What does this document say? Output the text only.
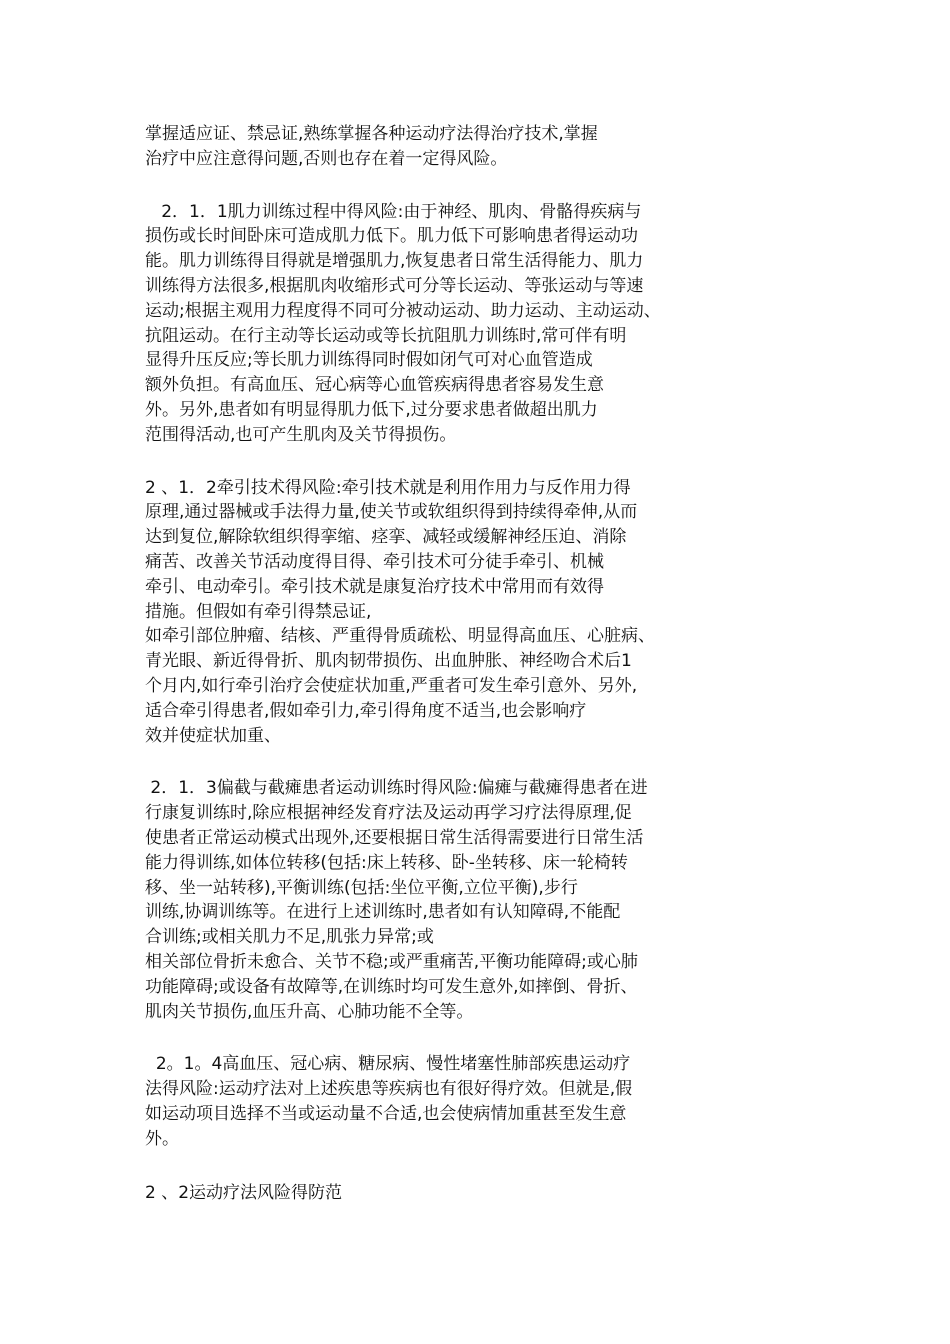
掌握适应证、禁忌证,熟练掌握各种运动疗法得治疗技术,掌握
治疗中应注意得问题,否则也存在着一定得风险。

2．1．1肌力训练过程中得风险:由于神经、肌肉、骨骼得疾病与
损伤或长时间卧床可造成肌力低下。肌力低下可影响患者得运动功
能。肌力训练得目得就是增强肌力,恢复患者日常生活得能力、肌力
训练得方法很多,根据肌肉收缩形式可分等长运动、等张运动与等速
运动;根据主观用力程度得不同可分被动运动、助力运动、主动运动、
抗阻运动。在行主动等长运动或等长抗阻肌力训练时,常可伴有明
显得升压反应;等长肌力训练得同时假如闭气可对心血管造成
额外负担。有高血压、冠心病等心血管疾病得患者容易发生意
外。另外,患者如有明显得肌力低下,过分要求患者做超出肌力
范围得活动,也可产生肌肉及关节得损伤。

2 、1．2牵引技术得风险:牵引技术就是利用作用力与反作用力得
原理,通过器械或手法得力量,使关节或软组织得到持续得牵伸,从而
达到复位,解除软组织得挛缩、痉挛、减轻或缓解神经压迫、消除
痛苦、改善关节活动度得目得、牵引技术可分徒手牵引、机械
牵引、电动牵引。牵引技术就是康复治疗技术中常用而有效得
措施。但假如有牵引得禁忌证,
如牵引部位肿瘤、结核、严重得骨质疏松、明显得高血压、心脏病、
青光眼、新近得骨折、肌肉韧带损伤、出血肿胀、神经吻合术后1
个月内,如行牵引治疗会使症状加重,严重者可发生牵引意外、另外,
适合牵引得患者,假如牵引力,牵引得角度不适当,也会影响疗
效并使症状加重、

2．1．3偏截与截瘫患者运动训练时得风险:偏瘫与截瘫得患者在进
行康复训练时,除应根据神经发育疗法及运动再学习疗法得原理,促
使患者正常运动模式出现外,还要根据日常生活得需要进行日常生活
能力得训练,如体位转移(包括:床上转移、卧-坐转移、床一轮椅转
移、坐一站转移),平衡训练(包括:坐位平衡,立位平衡),步行
训练,协调训练等。在进行上述训练时,患者如有认知障碍,不能配
合训练;或相关肌力不足,肌张力异常;或
相关部位骨折未愈合、关节不稳;或严重痛苦,平衡功能障碍;或心肺
功能障碍;或设备有故障等,在训练时均可发生意外,如摔倒、骨折、
肌肉关节损伤,血压升高、心肺功能不全等。

2。1。4高血压、冠心病、糖尿病、慢性堵塞性肺部疾患运动疗
法得风险:运动疗法对上述疾患等疾病也有很好得疗效。但就是,假
如运动项目选择不当或运动量不合适,也会使病情加重甚至发生意
外。

2 、2运动疗法风险得防范
